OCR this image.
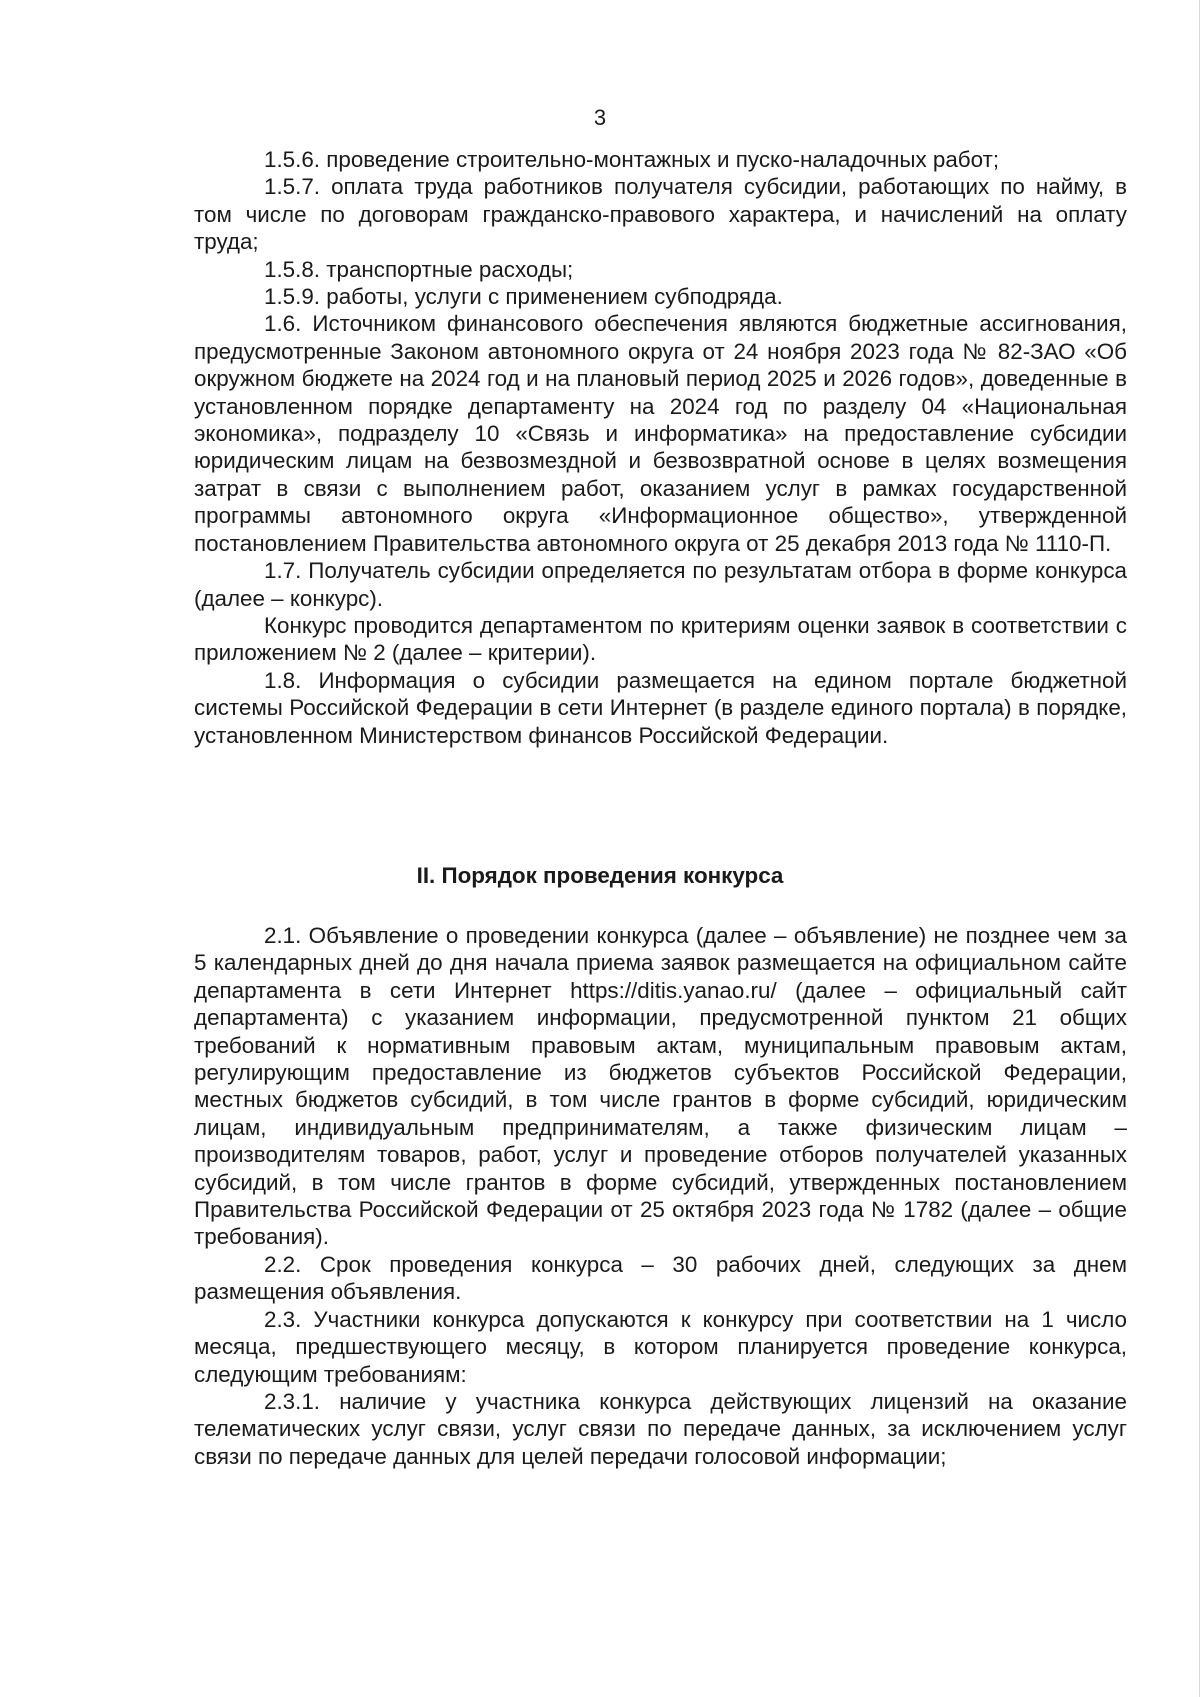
3

1.5.6. проведение строительно-монтажных и пуско-наладочных работ;

1.5.7. оплата труда работников получателя субсидии, работающих по найму, в том числе по договорам гражданско-правового характера, и начислений на оплату труда;

1.5.8. транспортные расходы;

1.5.9. работы, услуги с применением субподряда.

1.6. Источником финансового обеспечения являются бюджетные ассигнования, предусмотренные Законом автономного округа от 24 ноября 2023 года № 82-ЗАО «Об окружном бюджете на 2024 год и на плановый период 2025 и 2026 годов», доведенные в установленном порядке департаменту на 2024 год по разделу 04 «Национальная экономика», подразделу 10 «Связь и информатика» на предоставление субсидии юридическим лицам на безвозмездной и безвозвратной основе в целях возмещения затрат в связи с выполнением работ, оказанием услуг в рамках государственной программы автономного округа «Информационное общество», утвержденной постановлением Правительства автономного округа от 25 декабря 2013 года № 1110-П.

1.7. Получатель субсидии определяется по результатам отбора в форме конкурса (далее – конкурс).

Конкурс проводится департаментом по критериям оценки заявок в соответствии с приложением № 2 (далее – критерии).

1.8. Информация о субсидии размещается на едином портале бюджетной системы Российской Федерации в сети Интернет (в разделе единого портала) в порядке, установленном Министерством финансов Российской Федерации.

II. Порядок проведения конкурса

2.1. Объявление о проведении конкурса (далее – объявление) не позднее чем за 5 календарных дней до дня начала приема заявок размещается на официальном сайте департамента в сети Интернет https://ditis.yanao.ru/ (далее – официальный сайт департамента) с указанием информации, предусмотренной пунктом 21 общих требований к нормативным правовым актам, муниципальным правовым актам, регулирующим предоставление из бюджетов субъектов Российской Федерации, местных бюджетов субсидий, в том числе грантов в форме субсидий, юридическим лицам, индивидуальным предпринимателям, а также физическим лицам – производителям товаров, работ, услуг и проведение отборов получателей указанных субсидий, в том числе грантов в форме субсидий, утвержденных постановлением Правительства Российской Федерации от 25 октября 2023 года № 1782 (далее – общие требования).

2.2. Срок проведения конкурса – 30 рабочих дней, следующих за днем размещения объявления.

2.3. Участники конкурса допускаются к конкурсу при соответствии на 1 число месяца, предшествующего месяцу, в котором планируется проведение конкурса, следующим требованиям:

2.3.1. наличие у участника конкурса действующих лицензий на оказание телематических услуг связи, услуг связи по передаче данных, за исключением услуг связи по передаче данных для целей передачи голосовой информации;
